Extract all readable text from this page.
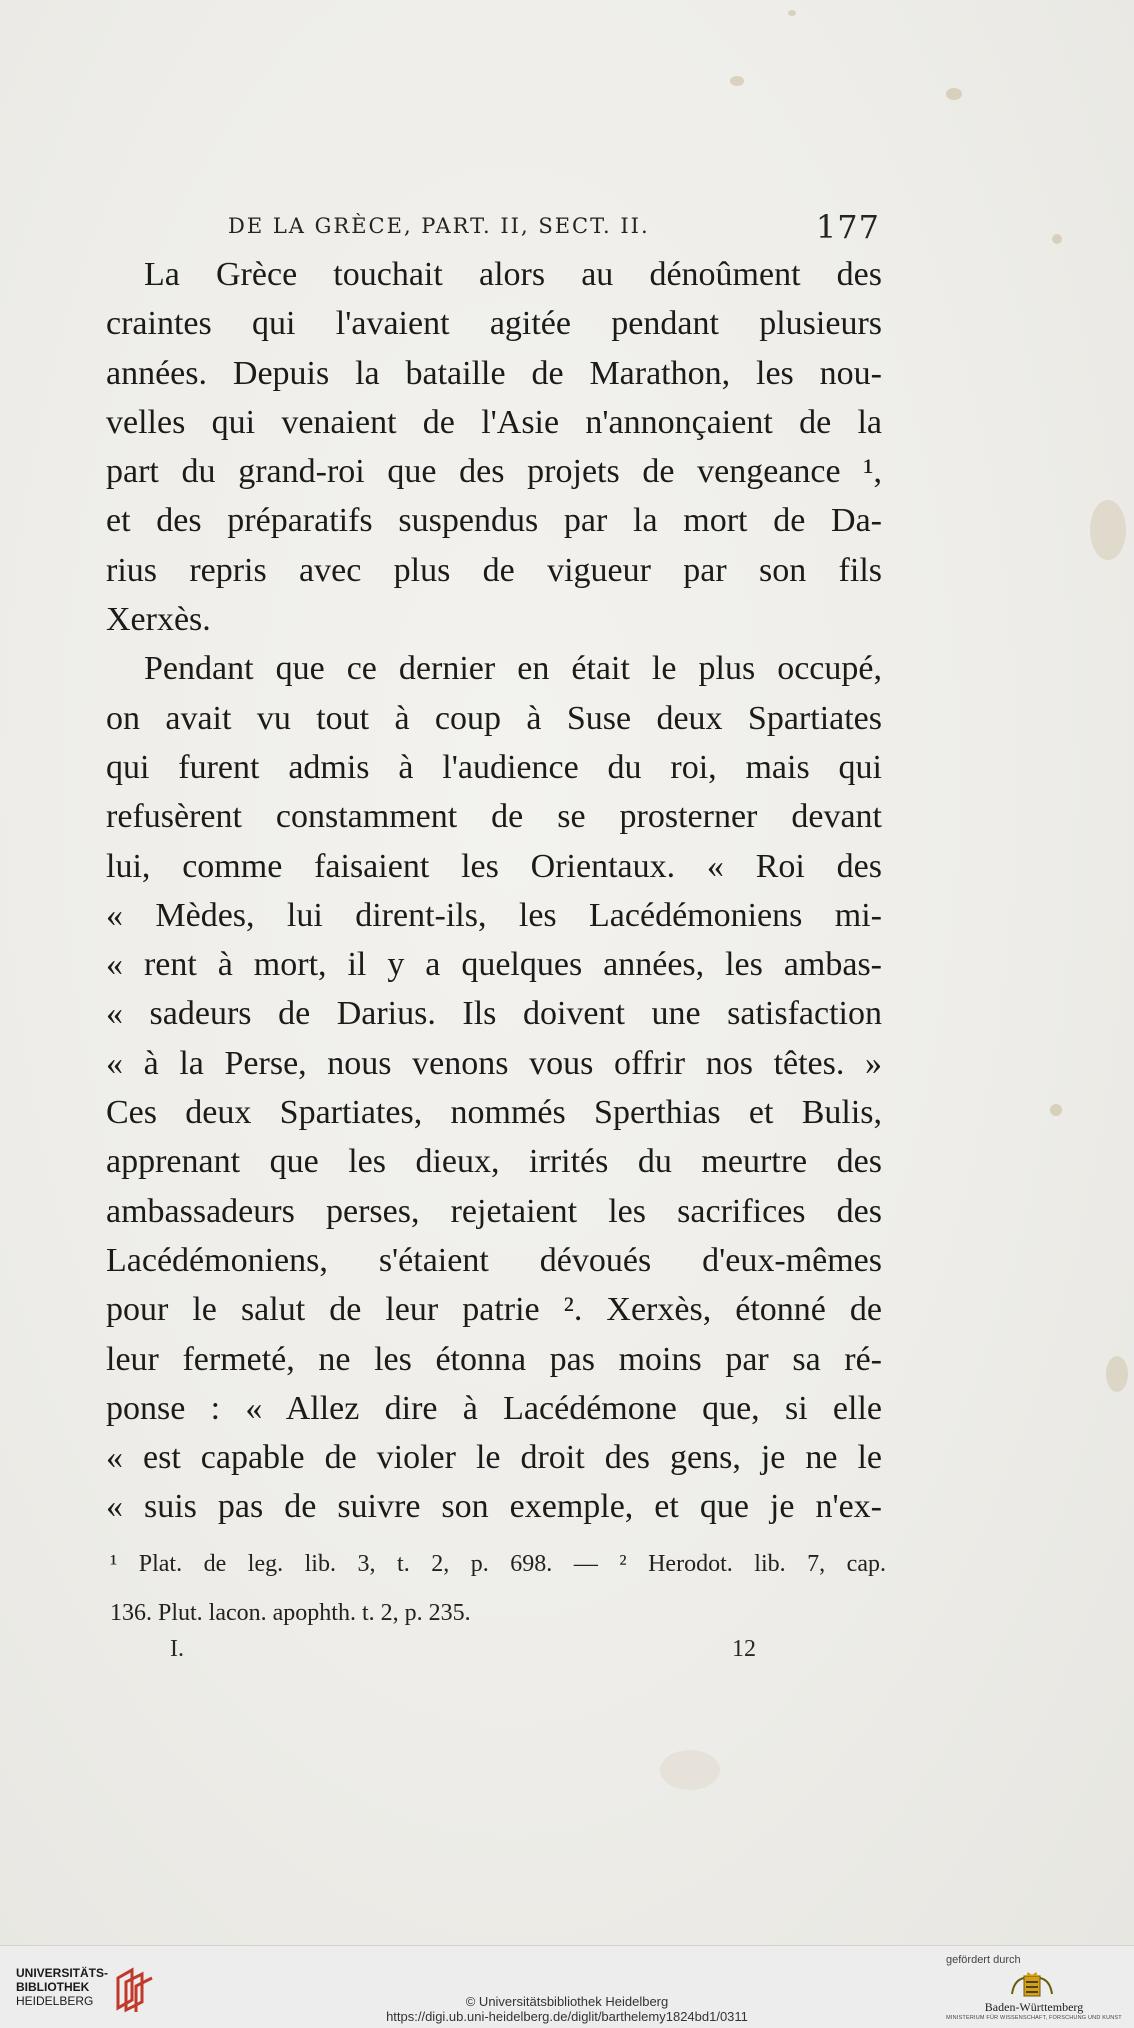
DE LA GRÈCE, PART. II, SECT. II.	177
La Grèce touchait alors au dénoûment des
craintes qui l'avaient agitée pendant plusieurs
années. Depuis la bataille de Marathon, les nou-
velles qui venaient de l'Asie n'annonçaient de la
part du grand-roi que des projets de vengeance ¹,
et des préparatifs suspendus par la mort de Da-
rius repris avec plus de vigueur par son fils
Xerxès.
Pendant que ce dernier en était le plus occupé,
on avait vu tout à coup à Suse deux Spartiates
qui furent admis à l'audience du roi, mais qui
refusèrent constamment de se prosterner devant
lui, comme faisaient les Orientaux. « Roi des
« Mèdes, lui dirent-ils, les Lacédémoniens mi-
« rent à mort, il y a quelques années, les ambas-
« sadeurs de Darius. Ils doivent une satisfaction
« à la Perse, nous venons vous offrir nos têtes. »
Ces deux Spartiates, nommés Sperthias et Bulis,
apprenant que les dieux, irrités du meurtre des
ambassadeurs perses, rejetaient les sacrifices des
Lacédémoniens, s'étaient dévoués d'eux-mêmes
pour le salut de leur patrie ². Xerxès, étonné de
leur fermeté, ne les étonna pas moins par sa ré-
ponse : « Allez dire à Lacédémone que, si elle
« est capable de violer le droit des gens, je ne le
« suis pas de suivre son exemple, et que je n'ex-
¹ Plat. de leg. lib. 3, t. 2, p. 698. — ² Herodot. lib. 7, cap.
136. Plut. lacon. apophth. t. 2, p. 235.
I.	12
UNIVERSITÄTS-
BIBLIOTHEK
HEIDELBERG	© Universitätsbibliothek Heidelberg
https://digi.ub.uni-heidelberg.de/diglit/barthelemy1824bd1/0311
gefördert durch
Baden-Württemberg
MINISTERIUM FÜR WISSENSCHAFT, FORSCHUNG UND KUNST
